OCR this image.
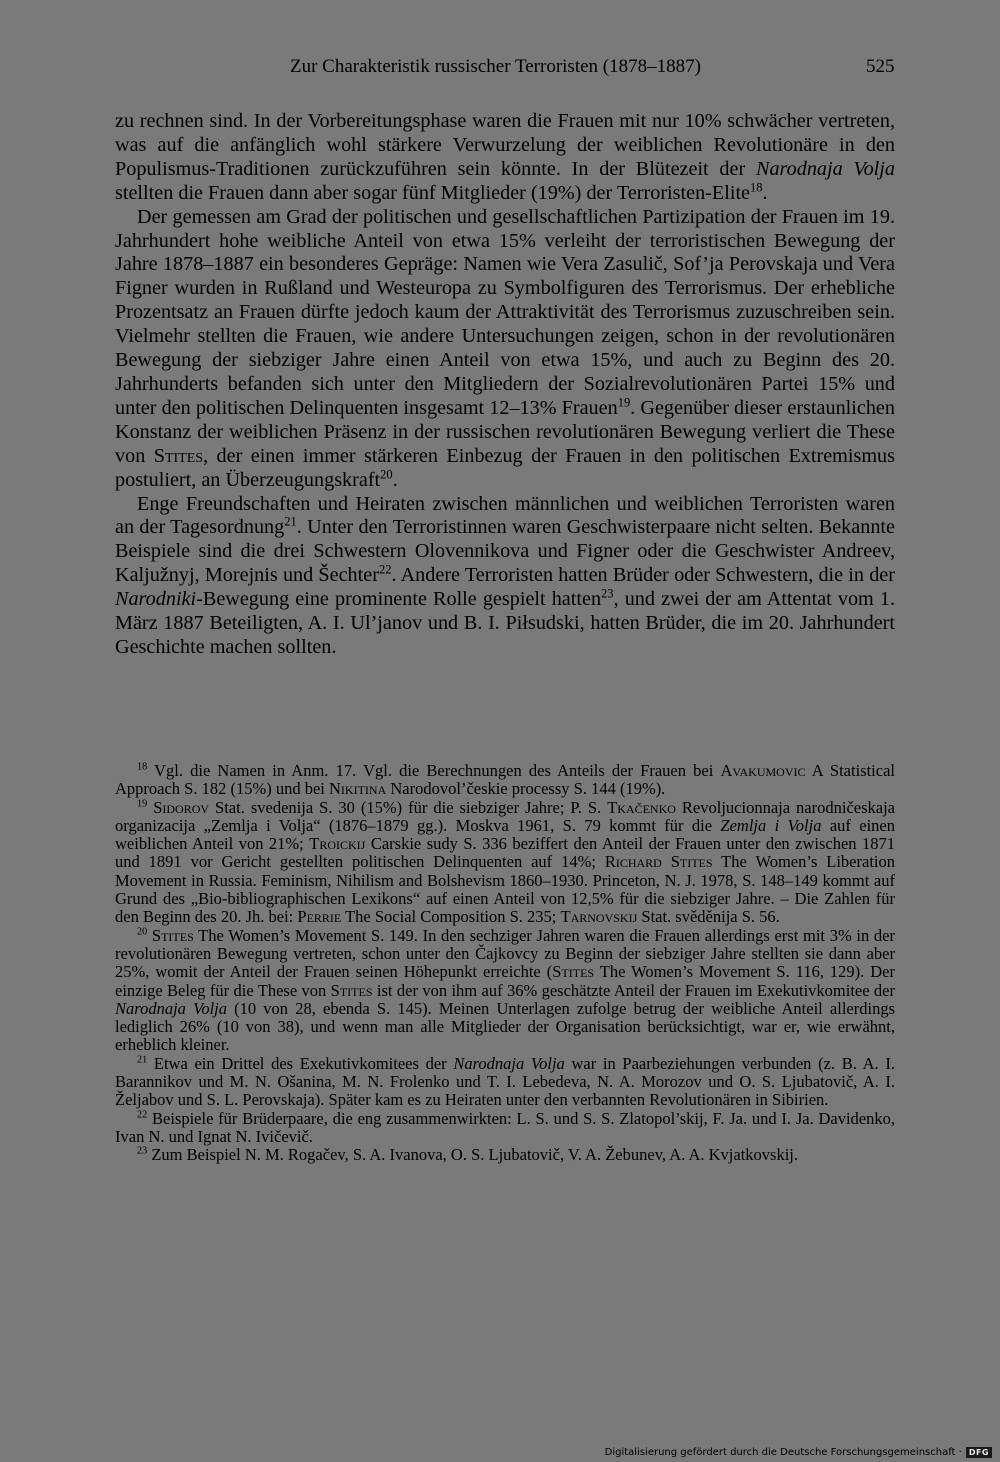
Zur Charakteristik russischer Terroristen (1878–1887)	525

zu rechnen sind. In der Vorbereitungsphase waren die Frauen mit nur 10% schwächer vertreten, was auf die anfänglich wohl stärkere Verwurzelung der weiblichen Revolutionäre in den Populismus-Traditionen zurückzuführen sein könnte. In der Blütezeit der Narodnaja Volja stellten die Frauen dann aber sogar fünf Mitglieder (19%) der Terroristen-Elite$^{18}$.

Der gemessen am Grad der politischen und gesellschaftlichen Partizipation der Frauen im 19. Jahrhundert hohe weibliche Anteil von etwa 15% verleiht der terroristischen Bewegung der Jahre 1878–1887 ein besonderes Gepräge: Namen wie Vera Zasulič, Sof’ja Perovskaja und Vera Figner wurden in Rußland und Westeuropa zu Symbolfiguren des Terrorismus. Der erhebliche Prozentsatz an Frauen dürfte jedoch kaum der Attraktivität des Terrorismus zuzuschreiben sein. Vielmehr stellten die Frauen, wie andere Untersuchungen zeigen, schon in der revolutionären Bewegung der siebziger Jahre einen Anteil von etwa 15%, und auch zu Beginn des 20. Jahrhunderts befanden sich unter den Mitgliedern der Sozialrevolutionären Partei 15% und unter den politischen Delinquenten insgesamt 12–13% Frauen$^{19}$. Gegenüber dieser erstaunlichen Konstanz der weiblichen Präsenz in der russischen revolutionären Bewegung verliert die These von Stites, der einen immer stärkeren Einbezug der Frauen in den politischen Extremismus postuliert, an Überzeugungskraft$^{20}$.

Enge Freundschaften und Heiraten zwischen männlichen und weiblichen Terroristen waren an der Tagesordnung$^{21}$. Unter den Terroristinnen waren Geschwisterpaare nicht selten. Bekannte Beispiele sind die drei Schwestern Olovennikova und Figner oder die Geschwister Andreev, Kaljužnyj, Morejnis und Šechter$^{22}$. Andere Terroristen hatten Brüder oder Schwestern, die in der Narodniki-Bewegung eine prominente Rolle gespielt hatten$^{23}$, und zwei der am Attentat vom 1. März 1887 Beteiligten, A. I. Ul’janov und B. I. Piłsudski, hatten Brüder, die im 20. Jahrhundert Geschichte machen sollten.

$^{18}$ Vgl. die Namen in Anm. 17. Vgl. die Berechnungen des Anteils der Frauen bei Avakumovic A Statistical Approach S. 182 (15%) und bei Nikitina Narodovol’českie processy S. 144 (19%).

$^{19}$ Sidorov Stat. svedenija S. 30 (15%) für die siebziger Jahre; P. S. Tkačenko Revoljucionnaja narodničeskaja organizacija „Zemlja i Volja“ (1876–1879 gg.). Moskva 1961, S. 79 kommt für die Zemlja i Volja auf einen weiblichen Anteil von 21%; Troickij Carskie sudy S. 336 beziffert den Anteil der Frauen unter den zwischen 1871 und 1891 vor Gericht gestellten politischen Delinquenten auf 14%; Richard Stites The Women’s Liberation Movement in Russia. Feminism, Nihilism and Bolshevism 1860–1930. Princeton, N. J. 1978, S. 148–149 kommt auf Grund des „Bio-bibliographischen Lexikons“ auf einen Anteil von 12,5% für die siebziger Jahre. – Die Zahlen für den Beginn des 20. Jh. bei: Perrie The Social Composition S. 235; Tarnovskij Stat. svěděnija S. 56.

$^{20}$ Stites The Women’s Movement S. 149. In den sechziger Jahren waren die Frauen allerdings erst mit 3% in der revolutionären Bewegung vertreten, schon unter den Čajkovcy zu Beginn der siebziger Jahre stellten sie dann aber 25%, womit der Anteil der Frauen seinen Höhepunkt erreichte (Stites The Women’s Movement S. 116, 129). Der einzige Beleg für die These von Stites ist der von ihm auf 36% geschätzte Anteil der Frauen im Exekutivkomitee der Narodnaja Volja (10 von 28, ebenda S. 145). Meinen Unterlagen zufolge betrug der weibliche Anteil allerdings lediglich 26% (10 von 38), und wenn man alle Mitglieder der Organisation berücksichtigt, war er, wie erwähnt, erheblich kleiner.

$^{21}$ Etwa ein Drittel des Exekutivkomitees der Narodnaja Volja war in Paarbeziehungen verbunden (z. B. A. I. Barannikov und M. N. Ošanina, M. N. Frolenko und T. I. Lebedeva, N. A. Morozov und O. S. Ljubatovič, A. I. Željabov und S. L. Perovskaja). Später kam es zu Heiraten unter den verbannten Revolutionären in Sibirien.

$^{22}$ Beispiele für Brüderpaare, die eng zusammenwirkten: L. S. und S. S. Zlatopol’skij, F. Ja. und I. Ja. Davidenko, Ivan N. und Ignat N. Ivičevič.

$^{23}$ Zum Beispiel N. M. Rogačev, S. A. Ivanova, O. S. Ljubatovič, V. A. Žebunev, A. A. Kvjatkovskij.

Digitalisierung gefördert durch die Deutsche Forschungsgemeinschaft · DFG
